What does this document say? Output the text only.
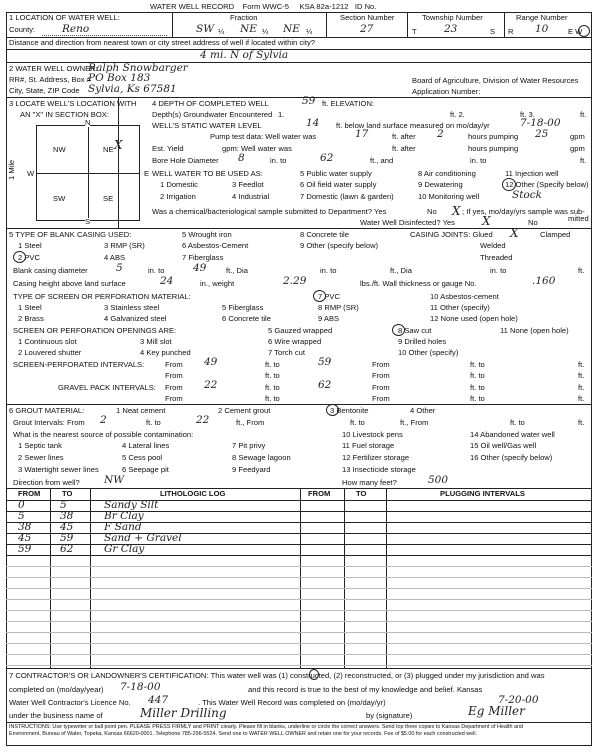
WATER WELL RECORD Form WWC-5 KSA 82a-1212 ID No.
1 LOCATION OF WATER WELL:
County:	Reno
Fraction
SW ¼ NE ¼ NE ¼
Section Number
27
Township Number
T	23	S
Range Number
R 10	E W
Distance and direction from nearest town or city street address of well if located within city?
4 mi. N of Sylvia
2 WATER WELL OWNER:
Ralph Snowbarger
RR#, St. Address, Box #
PO Box 183	Board of Agriculture, Division of Water Resources
City, State, ZIP Code Sylvia, Ks 67581	Application Number:
3 LOCATE WELL'S LOCATION WITH
AN "X" IN SECTION BOX:
N
S
W	E
NW	NE
SW	SE
X
1 Mile
4 DEPTH OF COMPLETED WELL	59 ft. ELEVATION:
Depth(s) Groundwater Encountered 1.	ft. 2.	ft. 3.	ft.
WELL'S STATIC WATER LEVEL	14 ft. below land surface measured on mo/day/yr	7-18-00
Pump test data: Well water was	17	ft. after 2	hours pumping 25	gpm
Est. Yield	gpm: Well water was	ft. after	hours pumping	gpm
Bore Hole Diameter 8	in. to	62	ft., and	in. to	ft.
WELL WATER TO BE USED AS:
1 Domestic
2 Irrigation
3 Feedlot
4 Industrial
5 Public water supply
6 Oil field water supply
7 Domestic (lawn & garden)
8 Air conditioning
9 Dewatering
10 Monitoring well
11 Injection well
12 Other (Specify below)
Stock
Was a chemical/bacteriological sample submitted to Department? Yes	No X ; If yes, mo/day/yrs sample was sub-
mitted
Water Well Disinfected? Yes X	No
5 TYPE OF BLANK CASING USED:
1 Steel
2 PVC
3 RMP (SR)
4 ABS
5 Wrought iron
6 Asbestos-Cement
7 Fiberglass
8 Concrete tile
9 Other (specify below)
CASING JOINTS: Glued X	Clamped
Welded
Threaded
Blank casing diameter	5	in. to	49	ft., Dia	in. to	ft., Dia	in. to	ft.
Casing height above land surface	24	in., weight	2.29	lbs./ft. Wall thickness or gauge No.	.160
TYPE OF SCREEN OR PERFORATION MATERIAL:
1 Steel
2 Brass
3 Stainless steel
4 Galvanized steel
5 Fiberglass
6 Concrete tile
7 PVC
8 RMP (SR)
9 ABS
10 Asbestos-cement
11 Other (specify)
12 None used (open hole)
SCREEN OR PERFORATION OPENINGS ARE:
1 Continuous slot
2 Louvered shutter
3 Mill slot
4 Key punched
5 Gauzed wrapped
6 Wire wrapped
7 Torch cut
8 Saw cut
9 Drilled holes
10 Other (specify)
11 None (open hole)
SCREEN-PERFORATED INTERVALS:	From 49	ft. to	59	From	ft. to	ft.
From	ft. to	From	ft. to	ft.
GRAVEL PACK INTERVALS: From 22	ft. to	62	From	ft. to	ft.
From	ft. to	From	ft. to	ft.
6 GROUT MATERIAL:	1 Neat cement	2 Cement grout	3 Bentonite	4 Other
Grout Intervals: From 2	ft. to	22	ft., From	ft. to	ft., From	ft. to	ft.
What is the nearest source of possible contamination:
1 Septic tank
2 Sewer lines
3 Watertight sewer lines
4 Lateral lines
5 Cess pool
6 Seepage pit
7 Pit privy
8 Sewage lagoon
9 Feedyard
10 Livestock pens
11 Fuel storage
12 Fertilizer storage
13 Insecticide storage
14 Abandoned water well
15 Oil well/Gas well
16 Other (specify below)
Direction from well? NW	How many feet?	500
FROM	TO	LITHOLOGIC LOG	FROM	TO	PLUGGING INTERVALS
0	5	Sandy Silt
5	38	Br Clay
38	45	F Sand
45	59	Sand + Gravel
59	62	Gr Clay
7 CONTRACTOR'S OR LANDOWNER'S CERTIFICATION: This water well was (1) constructed, (2) reconstructed, or (3) plugged under my jurisdiction and was
completed on (mo/day/year) 7-18-00	and this record is true to the best of my knowledge and belief. Kansas
Water Well Contractor's Licence No. 447	. This Water Well Record was completed on (mo/day/yr)	7-20-00
under the business name of	Miller Drilling	by (signature)	Eg Miller
INSTRUCTIONS: Use typewriter or ball point pen. PLEASE PRESS FIRMLY and PRINT clearly. Please fill in blanks, underline or circle the correct answers. Send top three copies to Kansas Department of Health and
Environment, Bureau of Water, Topeka, Kansas 66620-0001. Telephone 785-296-5524. Send one to WATER WELL OWNER and retain one for your records. Fee of $5.00 for each constructed well.
